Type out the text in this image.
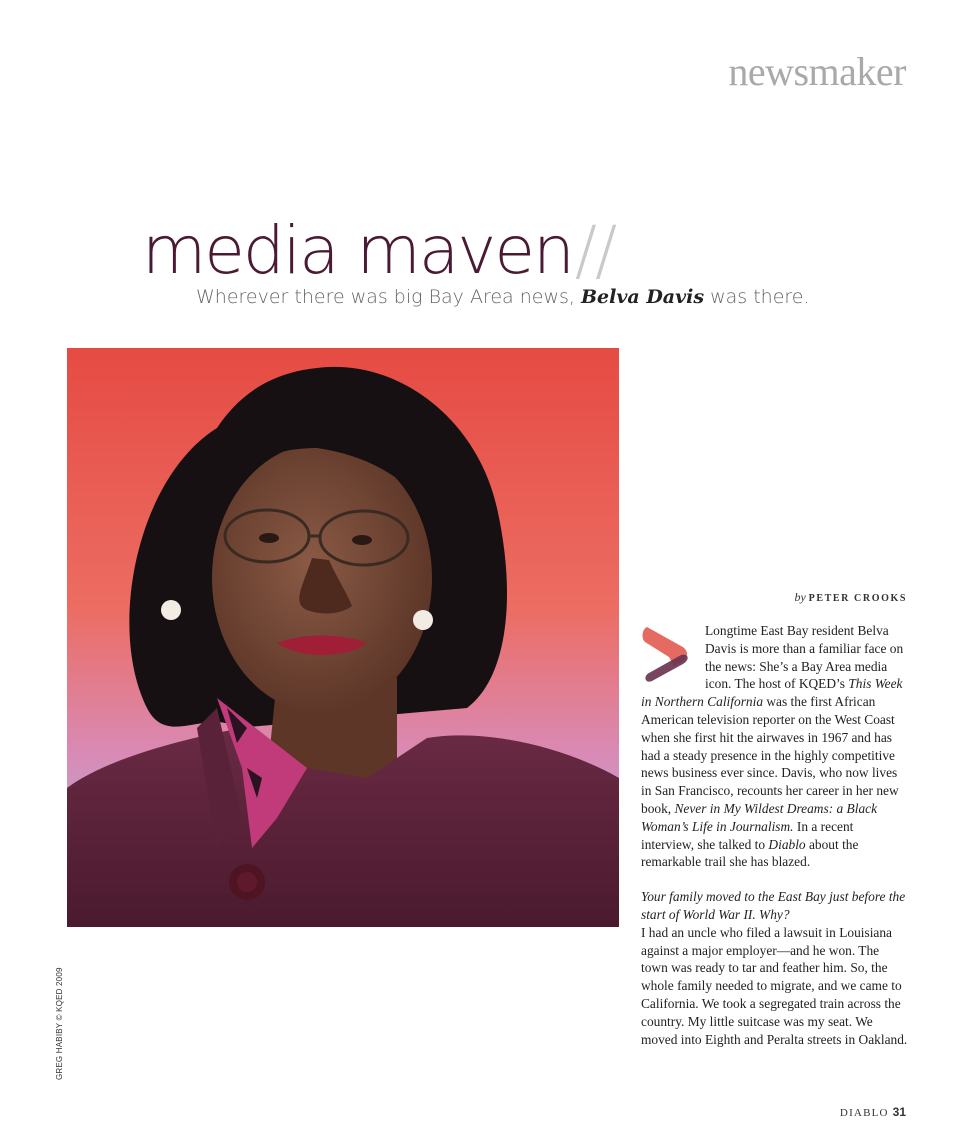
newsmaker
media maven//
Wherever there was big Bay Area news, Belva Davis was there.
GREG HABIBY © KQED 2009
by PETER CROOKS

Longtime East Bay resident Belva Davis is more than a familiar face on the news: She’s a Bay Area media icon. The host of KQED’s This Week in Northern California was the first African American television reporter on the West Coast when she first hit the airwaves in 1967 and has had a steady presence in the highly competitive news business ever since. Davis, who now lives in San Francisco, recounts her career in her new book, Never in My Wildest Dreams: a Black Woman’s Life in Journalism. In a recent interview, she talked to Diablo about the remarkable trail she has blazed.

Your family moved to the East Bay just before the start of World War II. Why?

I had an uncle who filed a lawsuit in Louisiana against a major employer—and he won. The town was ready to tar and feather him. So, the whole family needed to migrate, and we came to California. We took a segregated train across the country. My little suitcase was my seat. We moved into Eighth and Peralta streets in Oakland.

DIABLO 31
